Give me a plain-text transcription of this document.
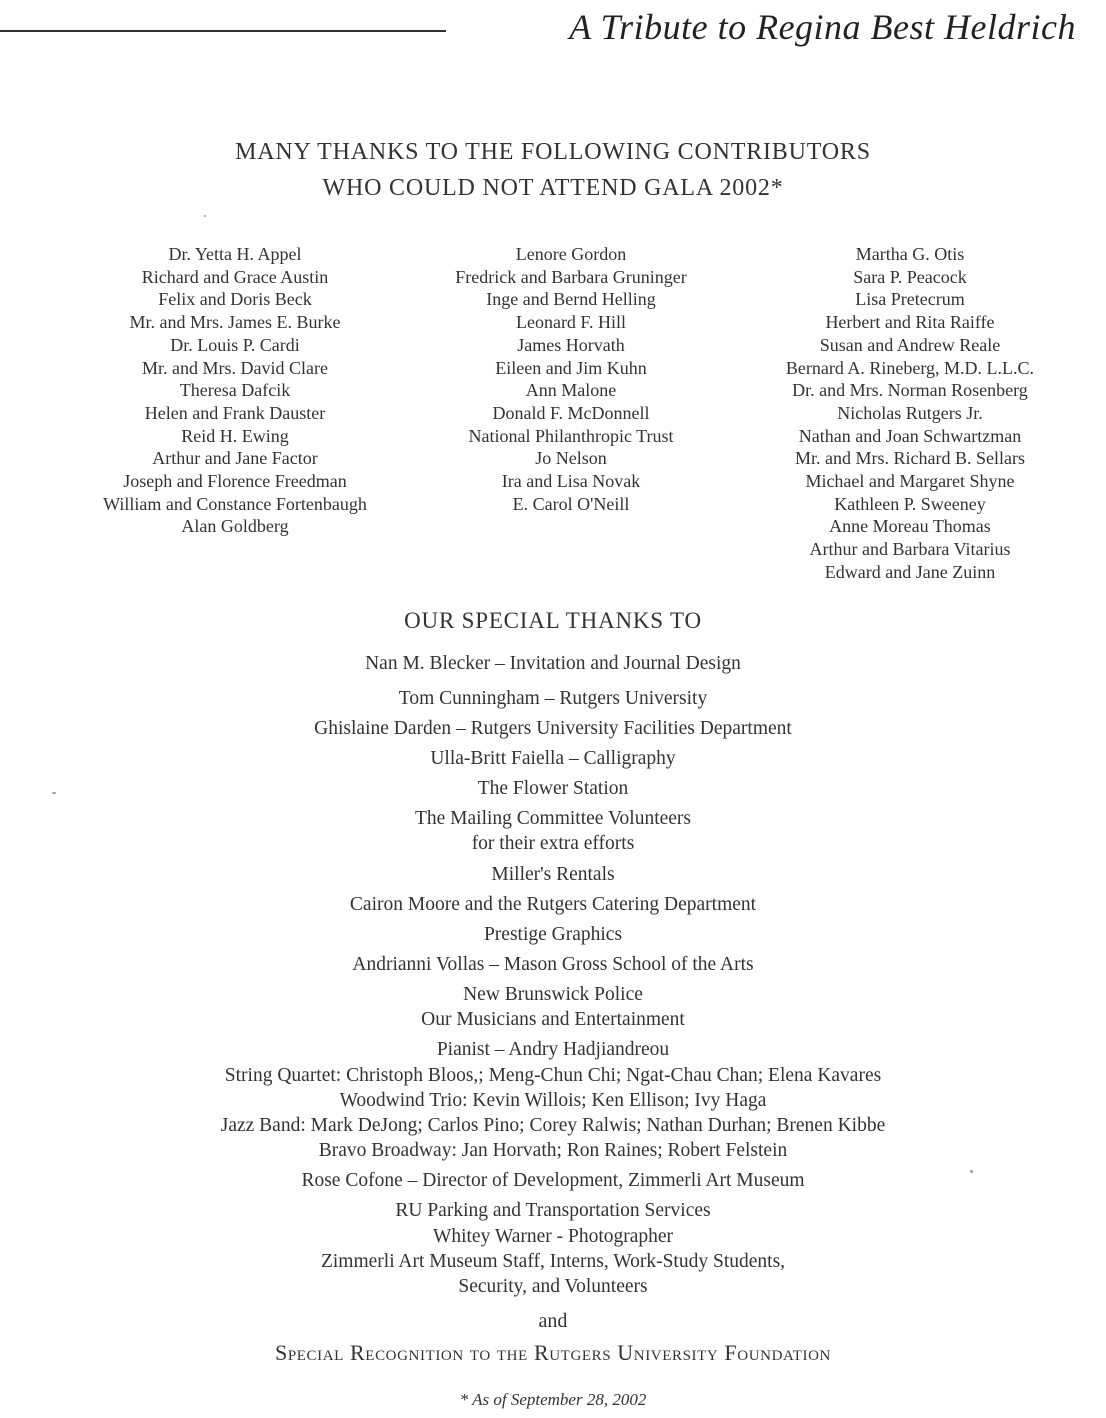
A Tribute to Regina Best Heldrich
MANY THANKS TO THE FOLLOWING CONTRIBUTORS
WHO COULD NOT ATTEND GALA 2002*
Dr. Yetta H. Appel
Richard and Grace Austin
Felix and Doris Beck
Mr. and Mrs. James E. Burke
Dr. Louis P. Cardi
Mr. and Mrs. David Clare
Theresa Dafcik
Helen and Frank Dauster
Reid H. Ewing
Arthur and Jane Factor
Joseph and Florence Freedman
William and Constance Fortenbaugh
Alan Goldberg
Lenore Gordon
Fredrick and Barbara Gruninger
Inge and Bernd Helling
Leonard F. Hill
James Horvath
Eileen and Jim Kuhn
Ann Malone
Donald F. McDonnell
National Philanthropic Trust
Jo Nelson
Ira and Lisa Novak
E. Carol O'Neill
Martha G. Otis
Sara P. Peacock
Lisa Pretecrum
Herbert and Rita Raiffe
Susan and Andrew Reale
Bernard A. Rineberg, M.D. L.L.C.
Dr. and Mrs. Norman Rosenberg
Nicholas Rutgers Jr.
Nathan and Joan Schwartzman
Mr. and Mrs. Richard B. Sellars
Michael and Margaret Shyne
Kathleen P. Sweeney
Anne Moreau Thomas
Arthur and Barbara Vitarius
Edward and Jane Zuinn
OUR SPECIAL THANKS TO
Nan M. Blecker – Invitation and Journal Design
Tom Cunningham – Rutgers University
Ghislaine Darden – Rutgers University Facilities Department
Ulla-Britt Faiella – Calligraphy
The Flower Station
The Mailing Committee Volunteers
for their extra efforts
Miller's Rentals
Cairon Moore and the Rutgers Catering Department
Prestige Graphics
Andrianni Vollas – Mason Gross School of the Arts
New Brunswick Police
Our Musicians and Entertainment
Pianist – Andry Hadjiandreou
String Quartet: Christoph Bloos,; Meng-Chun Chi; Ngat-Chau Chan; Elena Kavares
Woodwind Trio: Kevin Willois; Ken Ellison; Ivy Haga
Jazz Band: Mark DeJong; Carlos Pino; Corey Ralwis; Nathan Durhan; Brenen Kibbe
Bravo Broadway: Jan Horvath; Ron Raines; Robert Felstein
Rose Cofone – Director of Development, Zimmerli Art Museum
RU Parking and Transportation Services
Whitey Warner - Photographer
Zimmerli Art Museum Staff, Interns, Work-Study Students,
Security, and Volunteers
and
Special Recognition to the Rutgers University Foundation
* As of September 28, 2002
